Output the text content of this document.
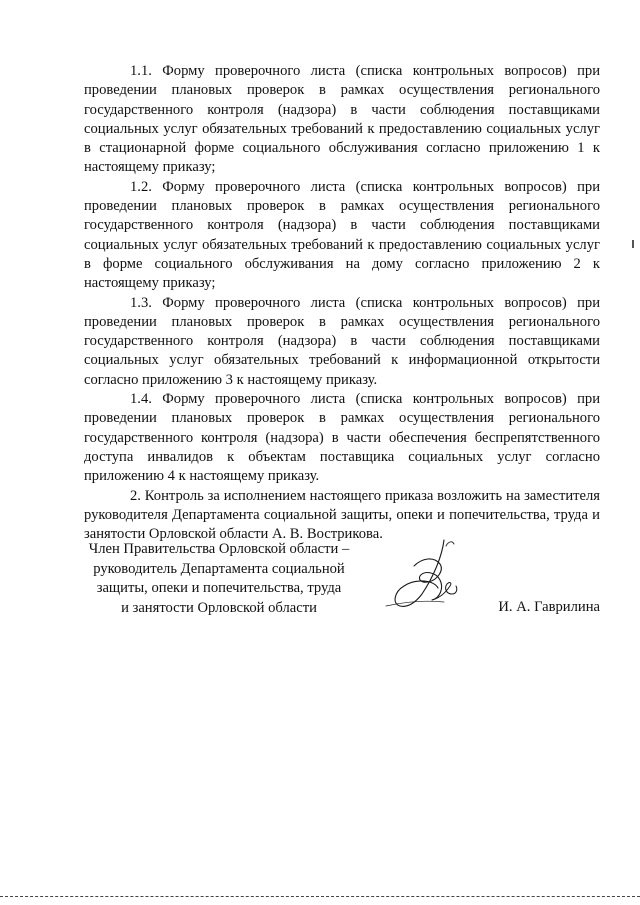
1.1. Форму проверочного листа (списка контрольных вопросов) при проведении плановых проверок в рамках осуществления регионального государственного контроля (надзора) в части соблюдения поставщиками социальных услуг обязательных требований к предоставлению социальных услуг в стационарной форме социального обслуживания согласно приложению 1 к настоящему приказу;

1.2. Форму проверочного листа (списка контрольных вопросов) при проведении плановых проверок в рамках осуществления регионального государственного контроля (надзора) в части соблюдения поставщиками социальных услуг обязательных требований к предоставлению социальных услуг в форме социального обслуживания на дому согласно приложению 2 к настоящему приказу;

1.3. Форму проверочного листа (списка контрольных вопросов) при проведении плановых проверок в рамках осуществления регионального государственного контроля (надзора) в части соблюдения поставщиками социальных услуг обязательных требований к информационной открытости согласно приложению 3 к настоящему приказу.

1.4. Форму проверочного листа (списка контрольных вопросов) при проведении плановых проверок в рамках осуществления регионального государственного контроля (надзора) в части обеспечения беспрепятственного доступа инвалидов к объектам поставщика социальных услуг согласно приложению 4 к настоящему приказу.

2. Контроль за исполнением настоящего приказа возложить на заместителя руководителя Департамента социальной защиты, опеки и попечительства, труда и занятости Орловской области А. В. Вострикова.

Член Правительства Орловской области –
руководитель Департамента социальной
защиты, опеки и попечительства, труда
и занятости Орловской области	И. А. Гаврилина
